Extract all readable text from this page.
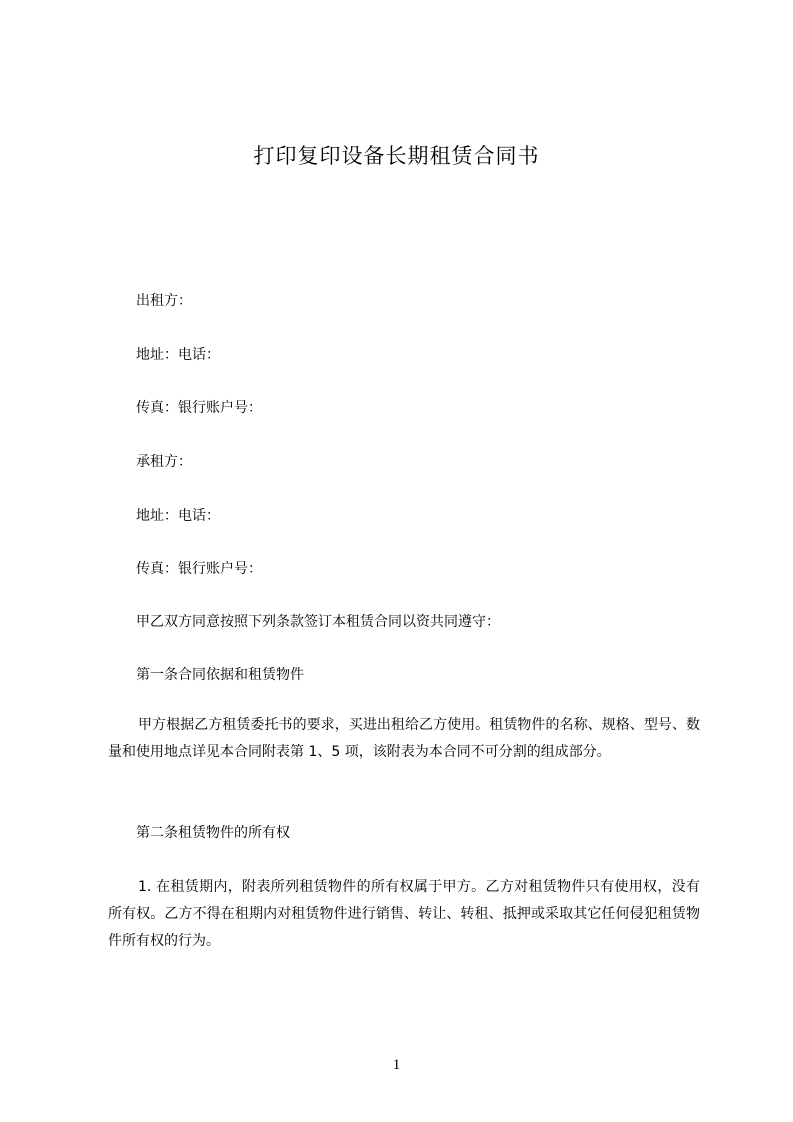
打印复印设备长期租赁合同书
出租方：
地址：电话：
传真：银行账户号：
承租方：
地址：电话：
传真：银行账户号：
甲乙双方同意按照下列条款签订本租赁合同以资共同遵守：
第一条合同依据和租赁物件
甲方根据乙方租赁委托书的要求，买进出租给乙方使用。租赁物件的名称、规格、型号、数量和使用地点详见本合同附表第 1、5 项，该附表为本合同不可分割的组成部分。
第二条租赁物件的所有权
1. 在租赁期内，附表所列租赁物件的所有权属于甲方。乙方对租赁物件只有使用权，没有所有权。乙方不得在租期内对租赁物件进行销售、转让、转租、抵押或采取其它任何侵犯租赁物件所有权的行为。
1
